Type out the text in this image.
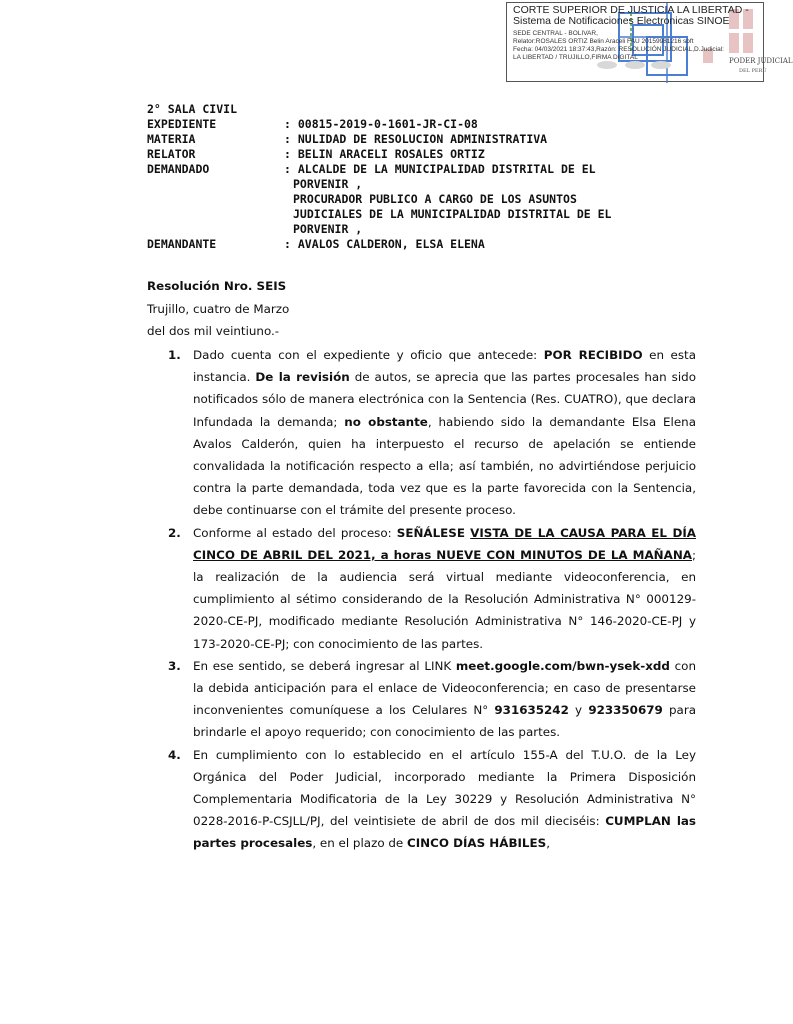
CORTE SUPERIOR DE JUSTICIA LA LIBERTAD -
Sistema de Notificaciones Electronicas SINOE
SEDE CENTRAL - BOLIVAR,
Relator:ROSALES ORTIZ Belin Araceli FAU 20159981216 soft
Fecha: 04/03/2021 18:37:43,Razón: RESOLUCIÓN JUDICIAL,D.Judicial:
LA LIBERTAD / TRUJILLO,FIRMA DIGITAL	PODER JUDICIAL
DEL PERÚ
2° SALA CIVIL
EXPEDIENTE	: 00815-2019-0-1601-JR-CI-08
MATERIA	: NULIDAD DE RESOLUCION ADMINISTRATIVA
RELATOR	: BELIN ARACELI ROSALES ORTIZ
DEMANDADO	: ALCALDE DE LA MUNICIPALIDAD DISTRITAL DE EL
PORVENIR ,
PROCURADOR PUBLICO A CARGO DE LOS ASUNTOS
JUDICIALES DE LA MUNICIPALIDAD DISTRITAL DE EL
PORVENIR ,
DEMANDANTE	: AVALOS CALDERON, ELSA ELENA
Resolución Nro. SEIS
Trujillo, cuatro de Marzo
del dos mil veintiuno.-
1. Dado cuenta con el expediente y oficio que antecede: POR RECIBIDO en esta instancia. De la revisión de autos, se aprecia que las partes procesales han sido notificados sólo de manera electrónica con la Sentencia (Res. CUATRO), que declara Infundada la demanda; no obstante, habiendo sido la demandante Elsa Elena Avalos Calderón, quien ha interpuesto el recurso de apelación se entiende convalidada la notificación respecto a ella; así también, no advirtiéndose perjuicio contra la parte demandada, toda vez que es la parte favorecida con la Sentencia, debe continuarse con el trámite del presente proceso.
2. Conforme al estado del proceso: SEÑÁLESE VISTA DE LA CAUSA PARA EL DÍA CINCO DE ABRIL DEL 2021, a horas NUEVE CON MINUTOS DE LA MAÑANA; la realización de la audiencia será virtual mediante videoconferencia, en cumplimiento al sétimo considerando de la Resolución Administrativa N° 000129-2020-CE-PJ, modificado mediante Resolución Administrativa N° 146-2020-CE-PJ y 173-2020-CE-PJ; con conocimiento de las partes.
3. En ese sentido, se deberá ingresar al LINK meet.google.com/bwn-ysek-xdd con la debida anticipación para el enlace de Videoconferencia; en caso de presentarse inconvenientes comuníquese a los Celulares N° 931635242 y 923350679 para brindarle el apoyo requerido; con conocimiento de las partes.
4. En cumplimiento con lo establecido en el artículo 155-A del T.U.O. de la Ley Orgánica del Poder Judicial, incorporado mediante la Primera Disposición Complementaria Modificatoria de la Ley 30229 y Resolución Administrativa N° 0228-2016-P-CSJLL/PJ, del veintisiete de abril de dos mil dieciséis: CUMPLAN las partes procesales, en el plazo de CINCO DÍAS HÁBILES,
